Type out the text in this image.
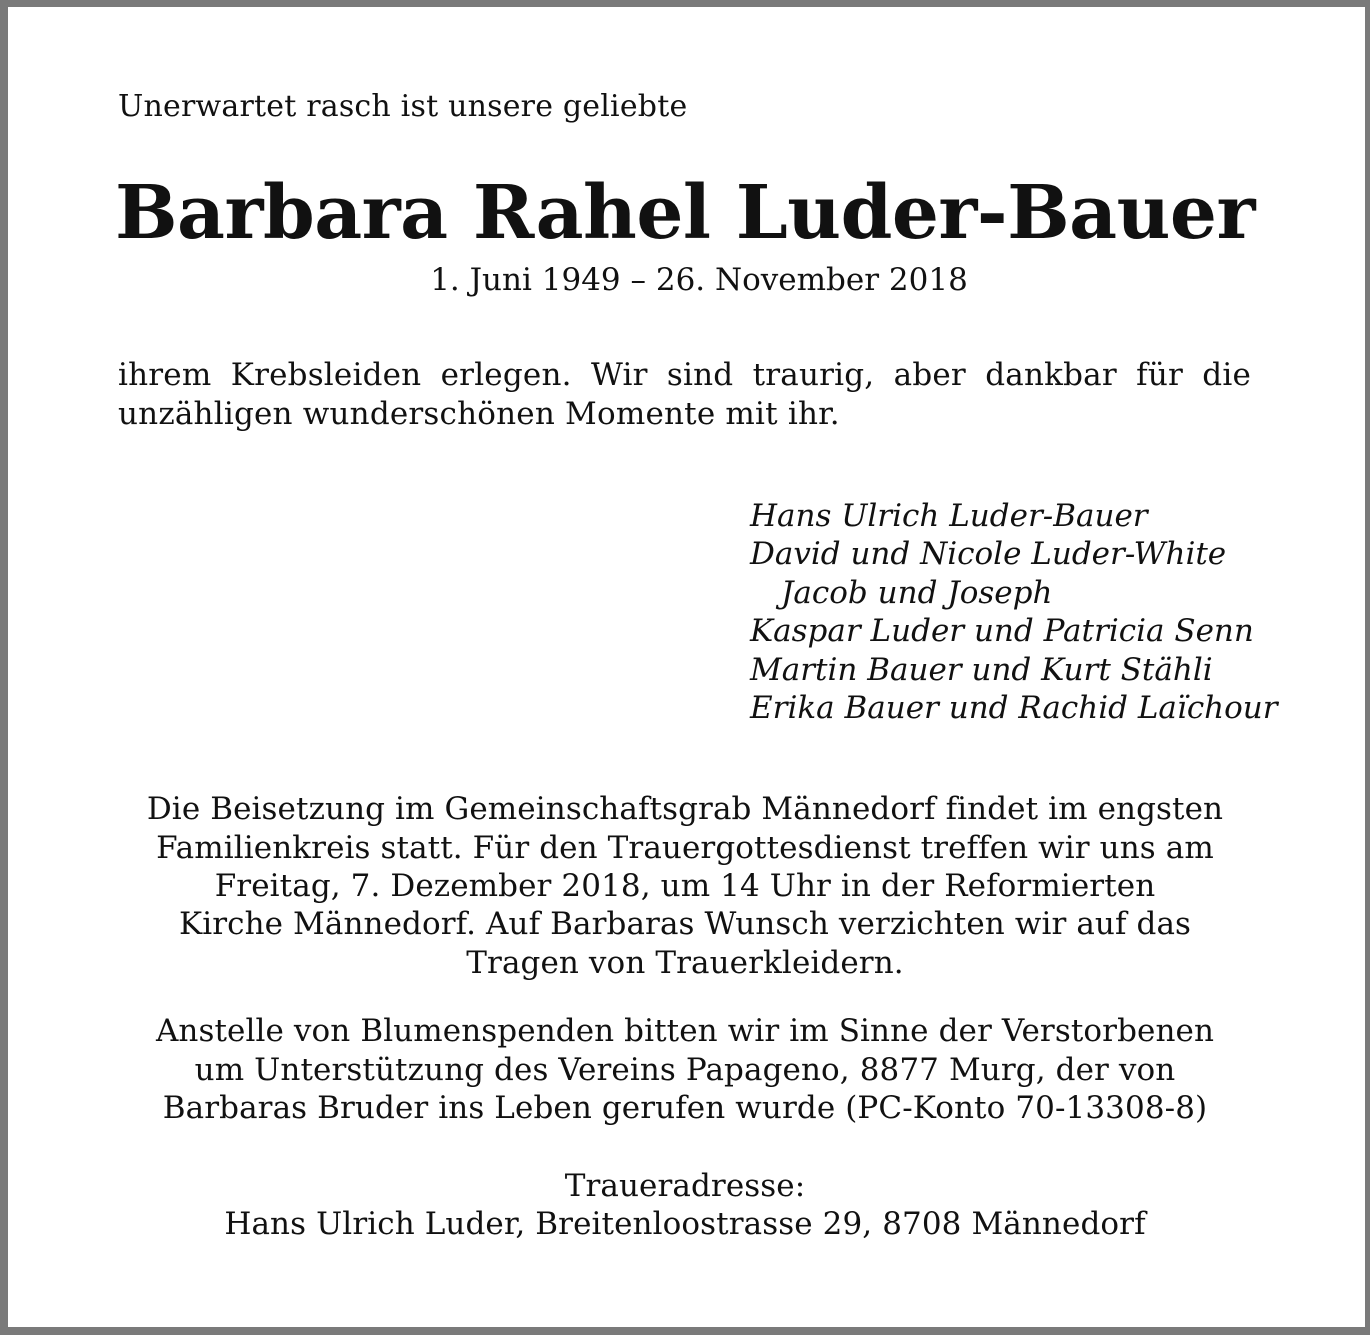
Unerwartet rasch ist unsere geliebte

Barbara Rahel Luder-Bauer

1. Juni 1949 – 26. November 2018

ihrem Krebsleiden erlegen. Wir sind traurig, aber dankbar für die

unzähligen wunderschönen Momente mit ihr.

Hans Ulrich Luder-Bauer

David und Nicole Luder-White

Jacob und Joseph

Kaspar Luder und Patricia Senn

Martin Bauer und Kurt Stähli

Erika Bauer und Rachid Laïchour

Die Beisetzung im Gemeinschaftsgrab Männedorf findet im engsten

Familienkreis statt. Für den Trauergottesdienst treffen wir uns am

Freitag, 7. Dezember 2018, um 14 Uhr in der Reformierten

Kirche Männedorf. Auf Barbaras Wunsch verzichten wir auf das

Tragen von Trauerkleidern.

Anstelle von Blumenspenden bitten wir im Sinne der Verstorbenen

um Unterstützung des Vereins Papageno, 8877 Murg, der von

Barbaras Bruder ins Leben gerufen wurde (PC-Konto 70-13308-8)

Traueradresse:

Hans Ulrich Luder, Breitenloostrasse 29, 8708 Männedorf
